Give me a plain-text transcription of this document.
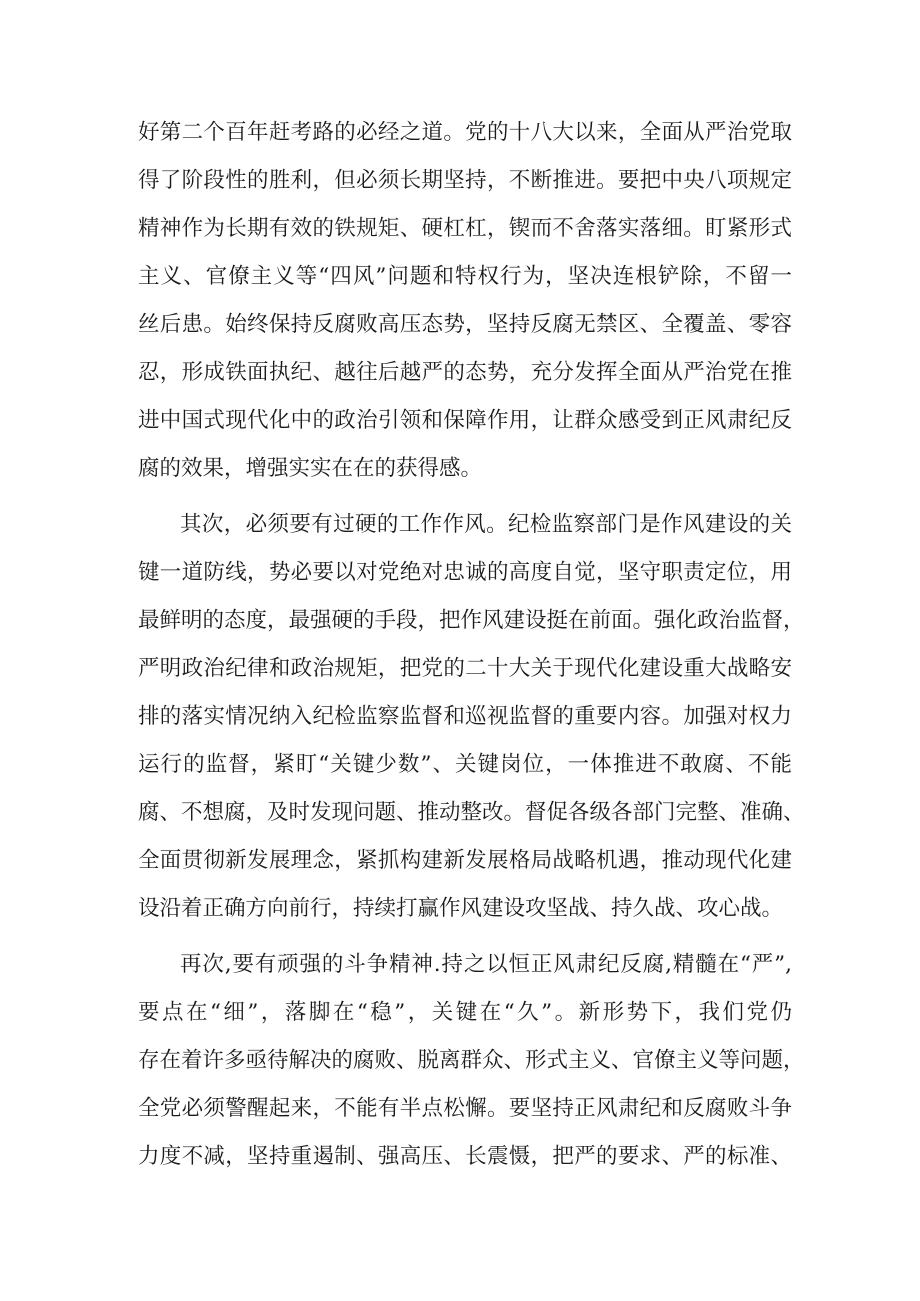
好第二个百年赶考路的必经之道。党的十八大以来，全面从严治党取
得了阶段性的胜利，但必须长期坚持，不断推进。要把中央八项规定
精神作为长期有效的铁规矩、硬杠杠，锲而不舍落实落细。盯紧形式
主义、官僚主义等“四风”问题和特权行为，坚决连根铲除，不留一
丝后患。始终保持反腐败高压态势，坚持反腐无禁区、全覆盖、零容
忍，形成铁面执纪、越往后越严的态势，充分发挥全面从严治党在推
进中国式现代化中的政治引领和保障作用，让群众感受到正风肃纪反
腐的效果，增强实实在在的获得感。
其次，必须要有过硬的工作作风。纪检监察部门是作风建设的关
键一道防线，势必要以对党绝对忠诚的高度自觉，坚守职责定位，用
最鲜明的态度，最强硬的手段，把作风建设挺在前面。强化政治监督，
严明政治纪律和政治规矩，把党的二十大关于现代化建设重大战略安
排的落实情况纳入纪检监察监督和巡视监督的重要内容。加强对权力
运行的监督，紧盯“关键少数”、关键岗位，一体推进不敢腐、不能
腐、不想腐，及时发现问题、推动整改。督促各级各部门完整、准确、
全面贯彻新发展理念，紧抓构建新发展格局战略机遇，推动现代化建
设沿着正确方向前行，持续打赢作风建设攻坚战、持久战、攻心战。
再次,要有顽强的斗争精神.持之以恒正风肃纪反腐,精髓在“严”,
要点在“细”，落脚在“稳”，关键在“久”。新形势下，我们党仍
存在着许多亟待解决的腐败、脱离群众、形式主义、官僚主义等问题，
全党必须警醒起来，不能有半点松懈。要坚持正风肃纪和反腐败斗争
力度不减，坚持重遏制、强高压、长震慑，把严的要求、严的标准、
